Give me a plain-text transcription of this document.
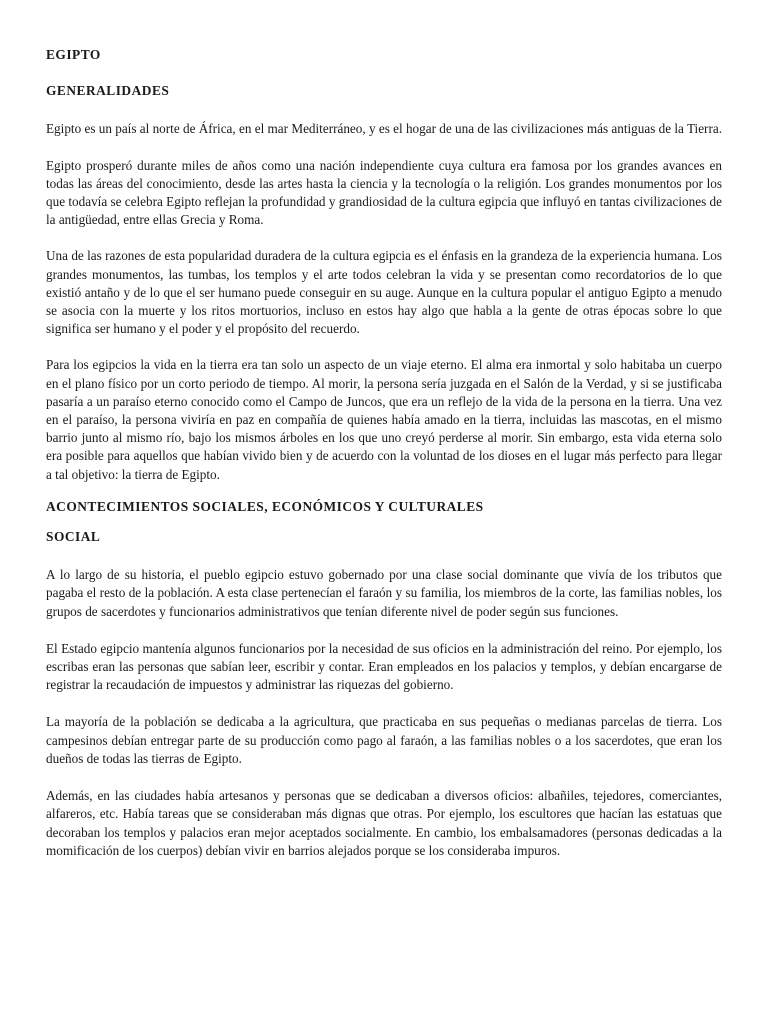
EGIPTO
GENERALIDADES

Egipto es un país al norte de África, en el mar Mediterráneo, y es el hogar de una de las civilizaciones más antiguas de la Tierra.

Egipto prosperó durante miles de años como una nación independiente cuya cultura era famosa por los grandes avances en todas las áreas del conocimiento, desde las artes hasta la ciencia y la tecnología o la religión. Los grandes monumentos por los que todavía se celebra Egipto reflejan la profundidad y grandiosidad de la cultura egipcia que influyó en tantas civilizaciones de la antigüedad, entre ellas Grecia y Roma.

Una de las razones de esta popularidad duradera de la cultura egipcia es el énfasis en la grandeza de la experiencia humana. Los grandes monumentos, las tumbas, los templos y el arte todos celebran la vida y se presentan como recordatorios de lo que existió antaño y de lo que el ser humano puede conseguir en su auge. Aunque en la cultura popular el antiguo Egipto a menudo se asocia con la muerte y los ritos mortuorios, incluso en estos hay algo que habla a la gente de otras épocas sobre lo que significa ser humano y el poder y el propósito del recuerdo.

Para los egipcios la vida en la tierra era tan solo un aspecto de un viaje eterno. El alma era inmortal y solo habitaba un cuerpo en el plano físico por un corto periodo de tiempo. Al morir, la persona sería juzgada en el Salón de la Verdad, y si se justificaba pasaría a un paraíso eterno conocido como el Campo de Juncos, que era un reflejo de la vida de la persona en la tierra. Una vez en el paraíso, la persona viviría en paz en compañía de quienes había amado en la tierra, incluidas las mascotas, en el mismo barrio junto al mismo río, bajo los mismos árboles en los que uno creyó perderse al morir. Sin embargo, esta vida eterna solo era posible para aquellos que habían vivido bien y de acuerdo con la voluntad de los dioses en el lugar más perfecto para llegar a tal objetivo: la tierra de Egipto.

ACONTECIMIENTOS SOCIALES, ECONÓMICOS Y CULTURALES
SOCIAL

A lo largo de su historia, el pueblo egipcio estuvo gobernado por una clase social dominante que vivía de los tributos que pagaba el resto de la población. A esta clase pertenecían el faraón y su familia, los miembros de la corte, las familias nobles, los grupos de sacerdotes y funcionarios administrativos que tenían diferente nivel de poder según sus funciones.

El Estado egipcio mantenía algunos funcionarios por la necesidad de sus oficios en la administración del reino. Por ejemplo, los escribas eran las personas que sabían leer, escribir y contar. Eran empleados en los palacios y templos, y debían encargarse de registrar la recaudación de impuestos y administrar las riquezas del gobierno.

La mayoría de la población se dedicaba a la agricultura, que practicaba en sus pequeñas o medianas parcelas de tierra. Los campesinos debían entregar parte de su producción como pago al faraón, a las familias nobles o a los sacerdotes, que eran los dueños de todas las tierras de Egipto.

Además, en las ciudades había artesanos y personas que se dedicaban a diversos oficios: albañiles, tejedores, comerciantes, alfareros, etc. Había tareas que se consideraban más dignas que otras. Por ejemplo, los escultores que hacían las estatuas que decoraban los templos y palacios eran mejor aceptados socialmente. En cambio, los embalsamadores (personas dedicadas a la momificación de los cuerpos) debían vivir en barrios alejados porque se los consideraba impuros.
